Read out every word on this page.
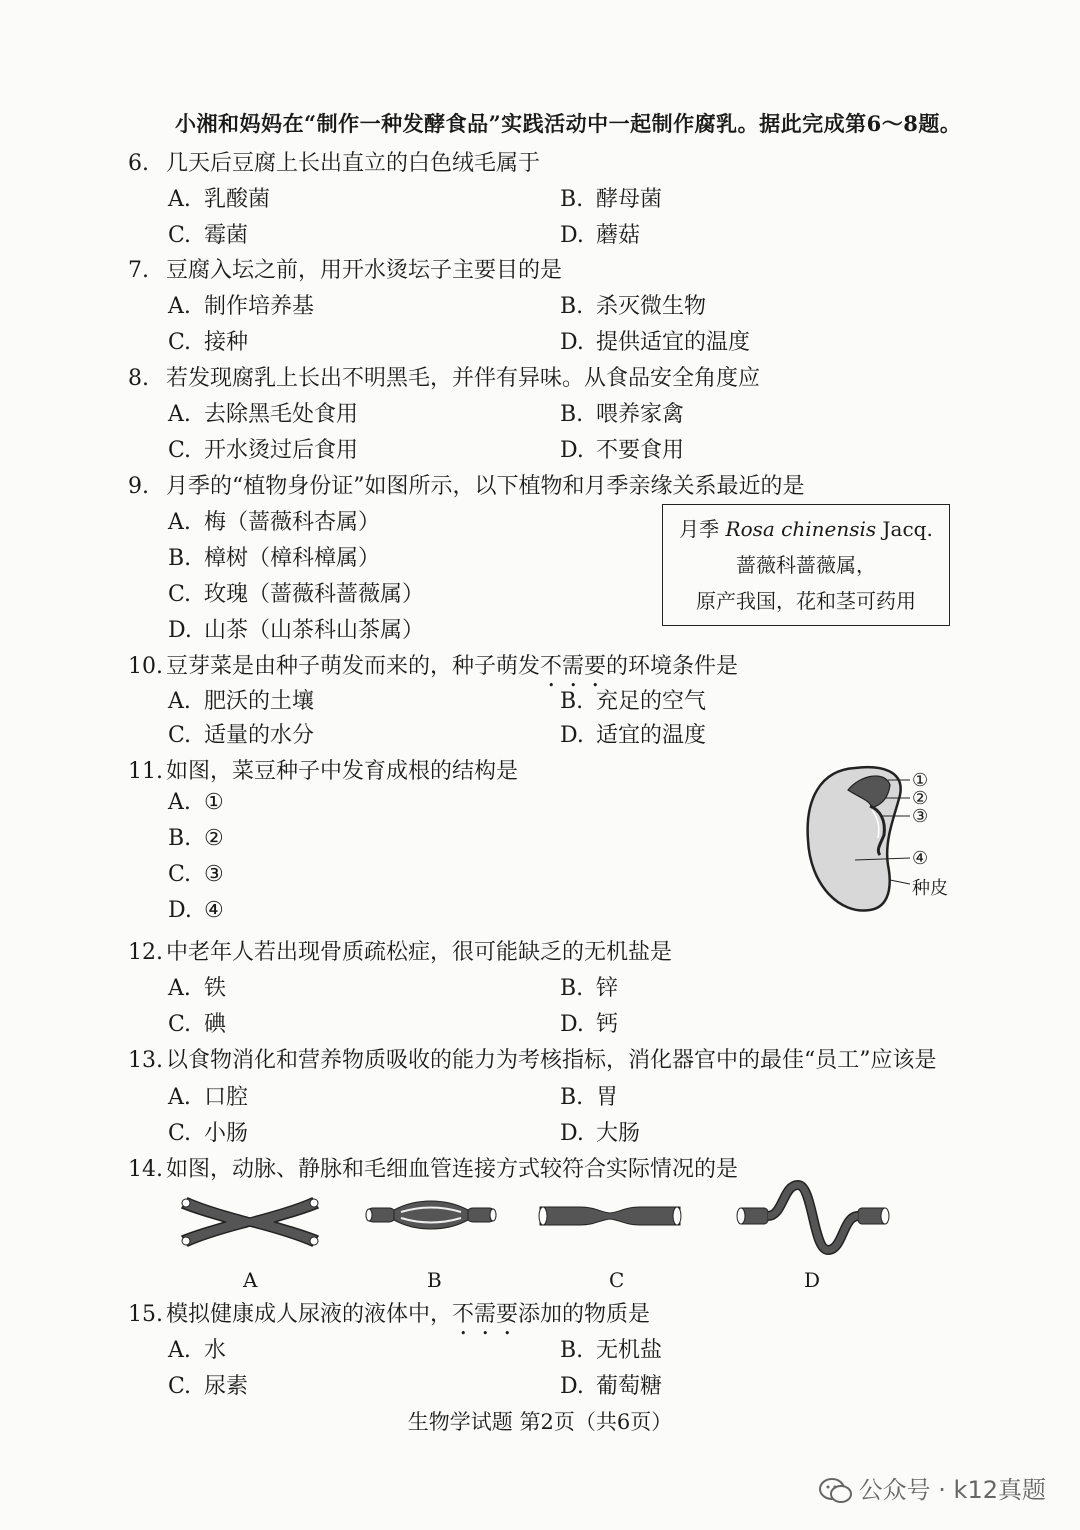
小湘和妈妈在“制作一种发酵食品”实践活动中一起制作腐乳。据此完成第6～8题。
6. 几天后豆腐上长出直立的白色绒毛属于
A. 乳酸菌	B. 酵母菌
C. 霉菌	D. 蘑菇
7. 豆腐入坛之前，用开水烫坛子主要目的是
A. 制作培养基	B. 杀灭微生物
C. 接种	D. 提供适宜的温度
8. 若发现腐乳上长出不明黑毛，并伴有异味。从食品安全角度应
A. 去除黑毛处食用	B. 喂养家禽
C. 开水烫过后食用	D. 不要食用
9. 月季的“植物身份证”如图所示，以下植物和月季亲缘关系最近的是
A. 梅（蔷薇科杏属）
B. 樟树（樟科樟属）
C. 玫瑰（蔷薇科蔷薇属）
D. 山茶（山茶科山茶属）
月季 Rosa chinensis Jacq.
蔷薇科蔷薇属，
原产我国，花和茎可药用
10. 豆芽菜是由种子萌发而来的，种子萌发不需要的环境条件是
A. 肥沃的土壤	B. 充足的空气
C. 适量的水分	D. 适宜的温度
11. 如图，菜豆种子中发育成根的结构是
A. ①
B. ②
C. ③
D. ④
①
②
③
④
种皮
12. 中老年人若出现骨质疏松症，很可能缺乏的无机盐是
A. 铁	B. 锌
C. 碘	D. 钙
13. 以食物消化和营养物质吸收的能力为考核指标，消化器官中的最佳“员工”应该是
A. 口腔	B. 胃
C. 小肠	D. 大肠
14. 如图，动脉、静脉和毛细血管连接方式较符合实际情况的是
A	B	C	D
15. 模拟健康成人尿液的液体中，不需要添加的物质是
A. 水	B. 无机盐
C. 尿素	D. 葡萄糖
生物学试题 第2页（共6页）
公众号 · k12真题
